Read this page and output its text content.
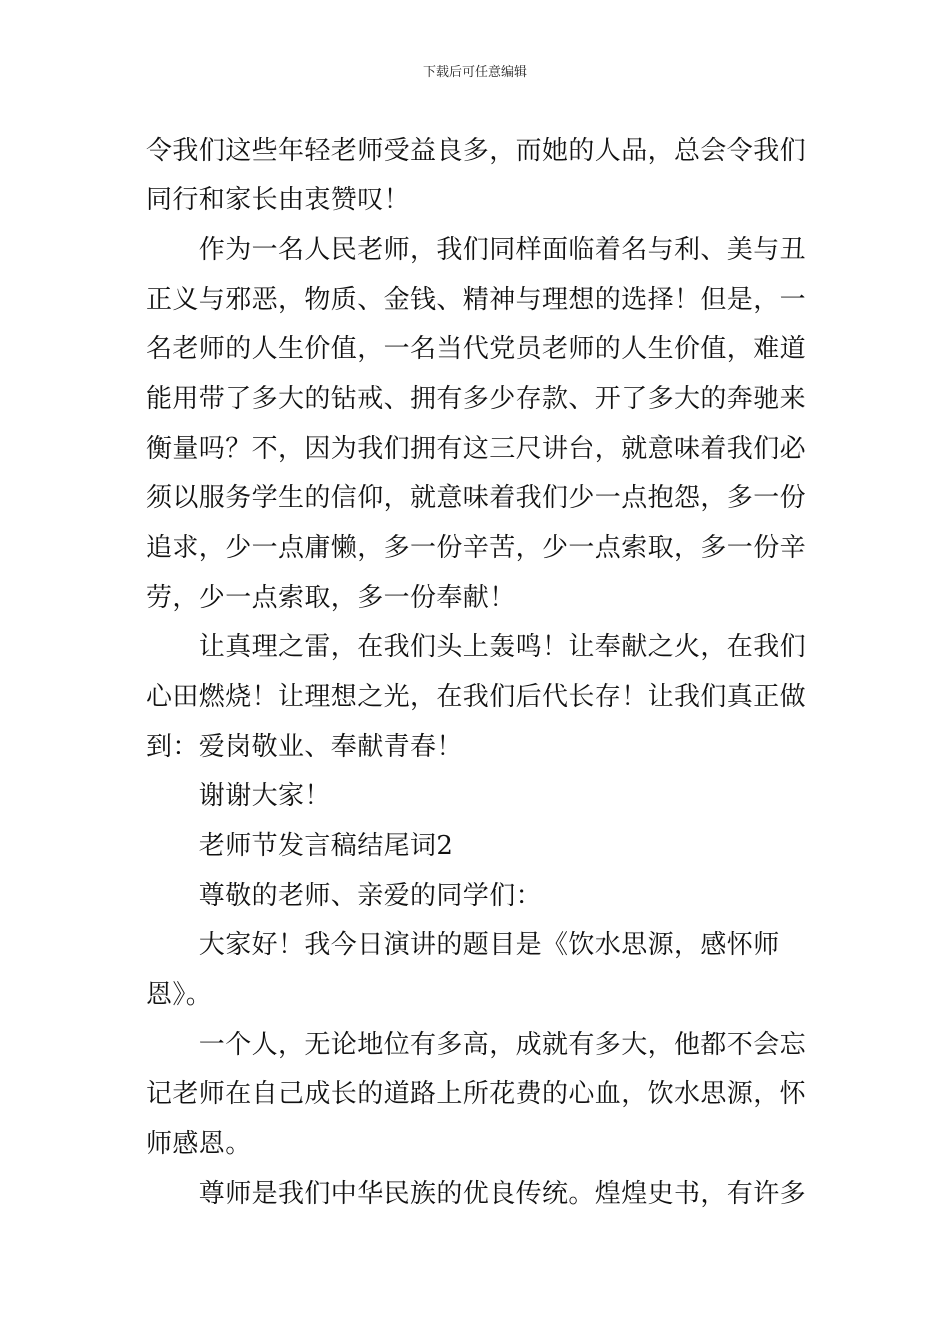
下载后可任意编辑
令我们这些年轻老师受益良多，而她的人品，总会令我们
同行和家长由衷赞叹！
　　作为一名人民老师，我们同样面临着名与利、美与丑
正义与邪恶，物质、金钱、精神与理想的选择！但是，一
名老师的人生价值，一名当代党员老师的人生价值，难道
能用带了多大的钻戒、拥有多少存款、开了多大的奔驰来
衡量吗？不，因为我们拥有这三尺讲台，就意味着我们必
须以服务学生的信仰，就意味着我们少一点抱怨，多一份
追求，少一点庸懒，多一份辛苦，少一点索取，多一份辛
劳，少一点索取，多一份奉献！
　　让真理之雷，在我们头上轰鸣！让奉献之火，在我们
心田燃烧！让理想之光，在我们后代长存！让我们真正做
到：爱岗敬业、奉献青春！
　　谢谢大家！
　　老师节发言稿结尾词2
　　尊敬的老师、亲爱的同学们：
　　大家好！我今日演讲的题目是《饮水思源，感怀师
恩》。
　　一个人，无论地位有多高，成就有多大，他都不会忘
记老师在自己成长的道路上所花费的心血，饮水思源，怀
师感恩。
　　尊师是我们中华民族的优良传统。煌煌史书，有许多
